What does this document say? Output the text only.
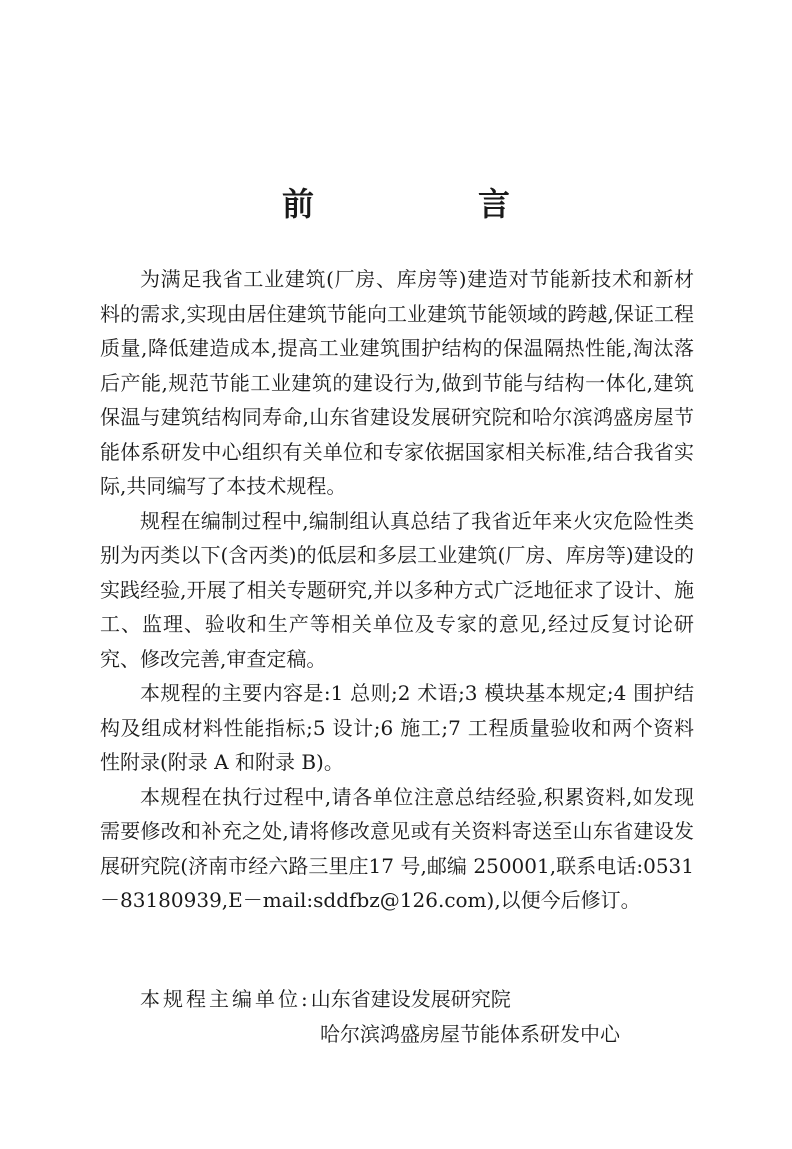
前　言

为满足我省工业建筑(厂房、库房等)建造对节能新技术和新材料的需求,实现由居住建筑节能向工业建筑节能领域的跨越,保证工程质量,降低建造成本,提高工业建筑围护结构的保温隔热性能,淘汰落后产能,规范节能工业建筑的建设行为,做到节能与结构一体化,建筑保温与建筑结构同寿命,山东省建设发展研究院和哈尔滨鸿盛房屋节能体系研发中心组织有关单位和专家依据国家相关标准,结合我省实际,共同编写了本技术规程。

规程在编制过程中,编制组认真总结了我省近年来火灾危险性类别为丙类以下(含丙类)的低层和多层工业建筑(厂房、库房等)建设的实践经验,开展了相关专题研究,并以多种方式广泛地征求了设计、施工、监理、验收和生产等相关单位及专家的意见,经过反复讨论研究、修改完善,审查定稿。

本规程的主要内容是:1 总则;2 术语;3 模块基本规定;4 围护结构及组成材料性能指标;5 设计;6 施工;7 工程质量验收和两个资料性附录(附录 A 和附录 B)。

本规程在执行过程中,请各单位注意总结经验,积累资料,如发现需要修改和补充之处,请将修改意见或有关资料寄送至山东省建设发展研究院(济南市经六路三里庄17 号,邮编 250001,联系电话:0531－83180939,E－mail:sddfbz@126.com),以便今后修订。

本规程主编单位: 山东省建设发展研究院
哈尔滨鸿盛房屋节能体系研发中心
